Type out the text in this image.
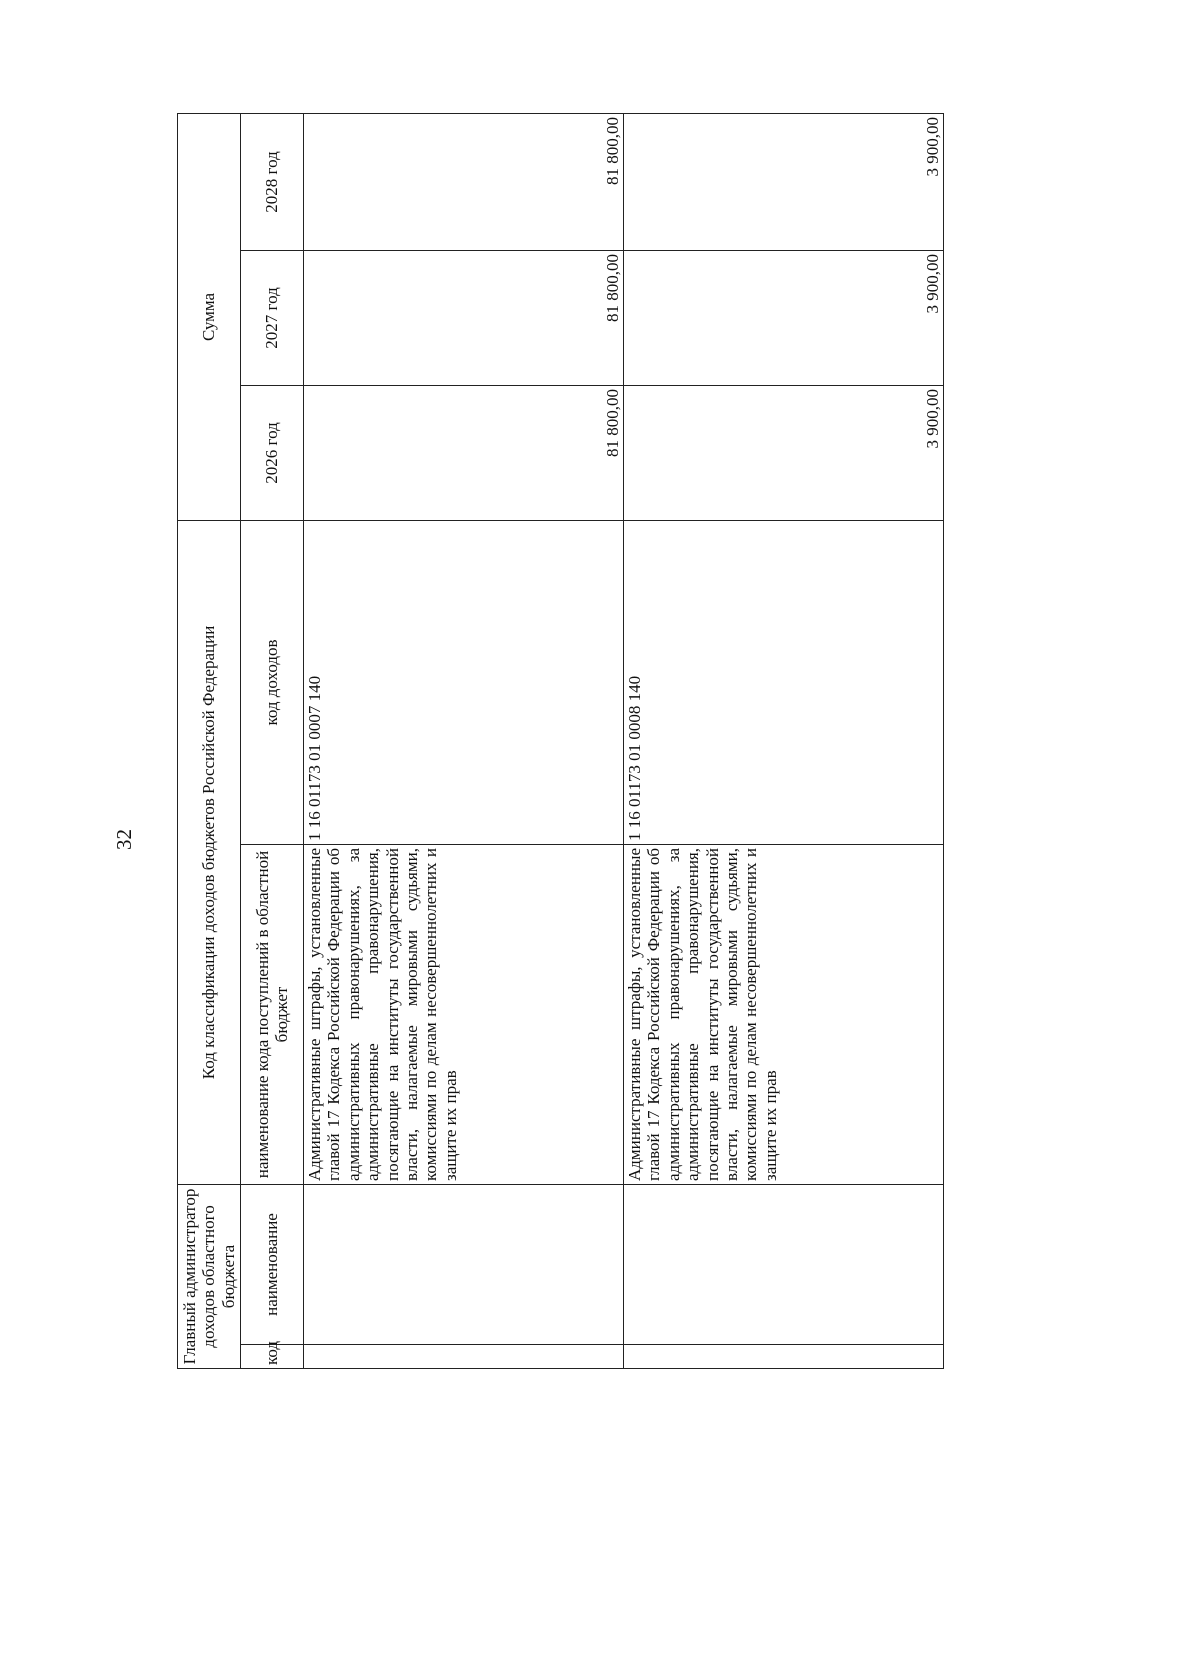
32
Главный администратор доходов областного бюджета		Код классификации доходов бюджетов Российской Федерации		Сумма		
код	наименование	наименование кода поступлений в областной бюджет	код доходов	2026 год	2027 год	2028 год
		Административные штрафы, установленные главой 17 Кодекса Российской Федерации об административных правонарушениях, за административные правонарушения, посягающие на институты государственной власти, налагаемые мировыми судьями, комиссиями по делам несовершеннолетних и защите их прав	1 16 01173 01 0007 140	81 800,00	81 800,00	81 800,00
		Административные штрафы, установленные главой 17 Кодекса Российской Федерации об административных правонарушениях, за административные правонарушения, посягающие на институты государственной власти, налагаемые мировыми судьями, комиссиями по делам несовершеннолетних и защите их прав	1 16 01173 01 0008 140	3 900,00	3 900,00	3 900,00
